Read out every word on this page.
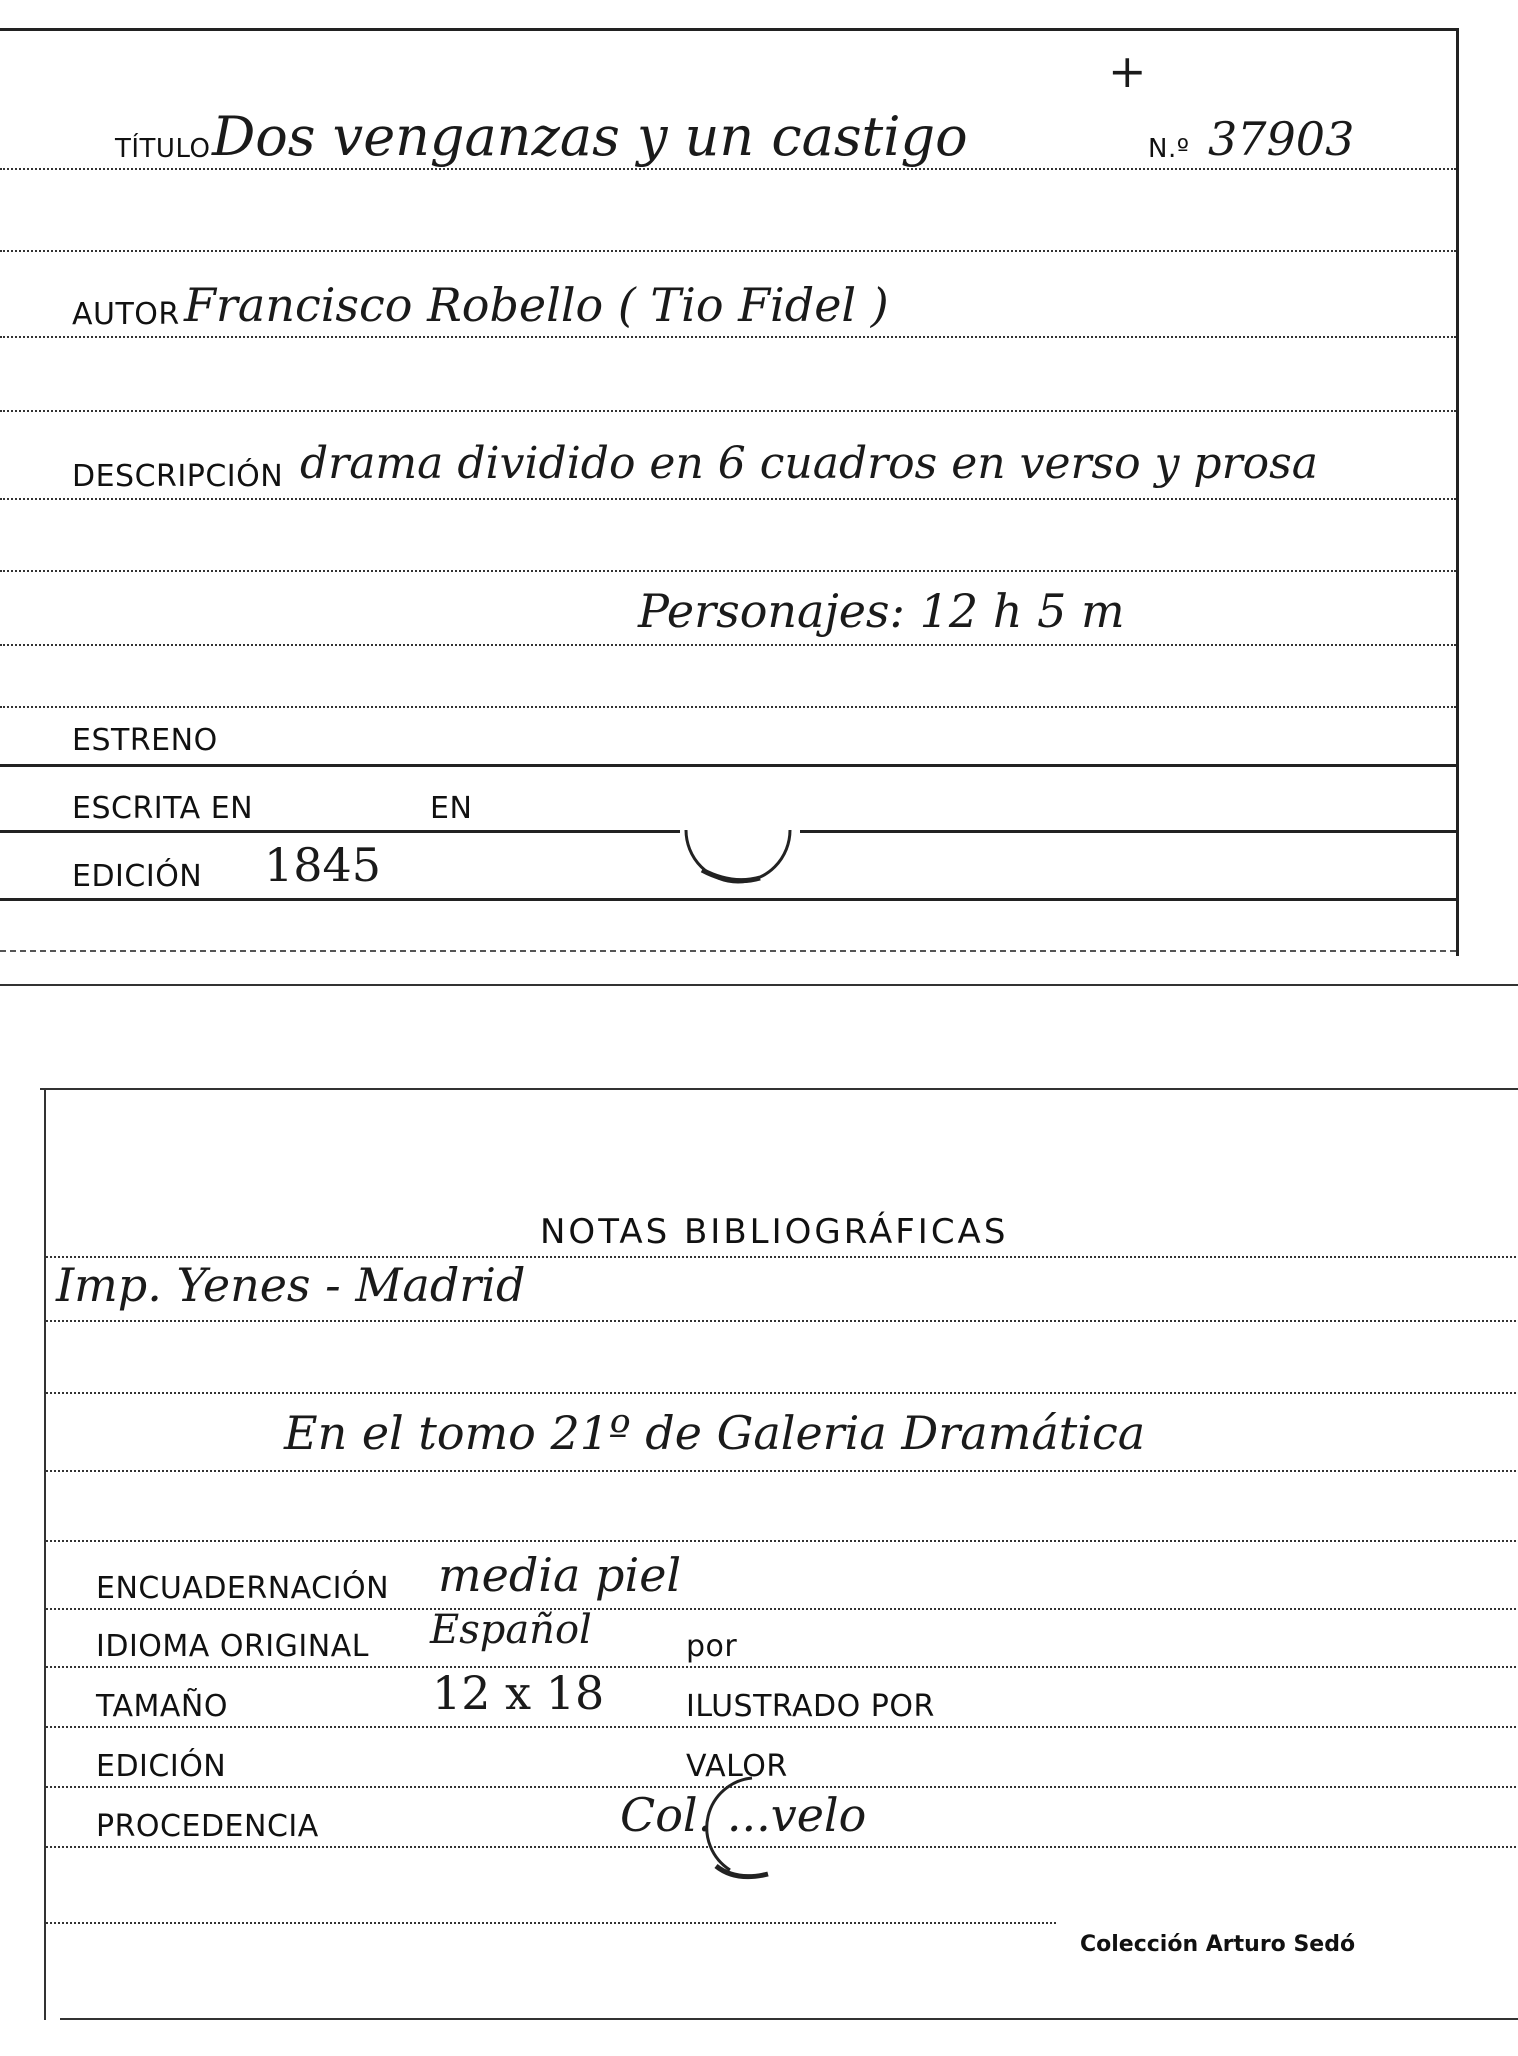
TÍTULO Dos venganzas y un castigo	N.º 37903
+
AUTOR Francisco Robello ( Tio Fidel )
DESCRIPCIÓN drama dividido en 6 cuadros en verso y prosa
Personajes: 12 h 5 m
ESTRENO
ESCRITA EN	EN
EDICIÓN 1845
NOTAS BIBLIOGRÁFICAS
Imp. Yenes - Madrid
En el tomo 21º de Galeria Dramática
ENCUADERNACIÓN media piel
IDIOMA ORIGINAL Español	por
TAMAÑO	12 x 18	ILUSTRADO POR
EDICIÓN	VALOR
PROCEDENCIA	Col. ...velo
Colección Arturo Sedó
